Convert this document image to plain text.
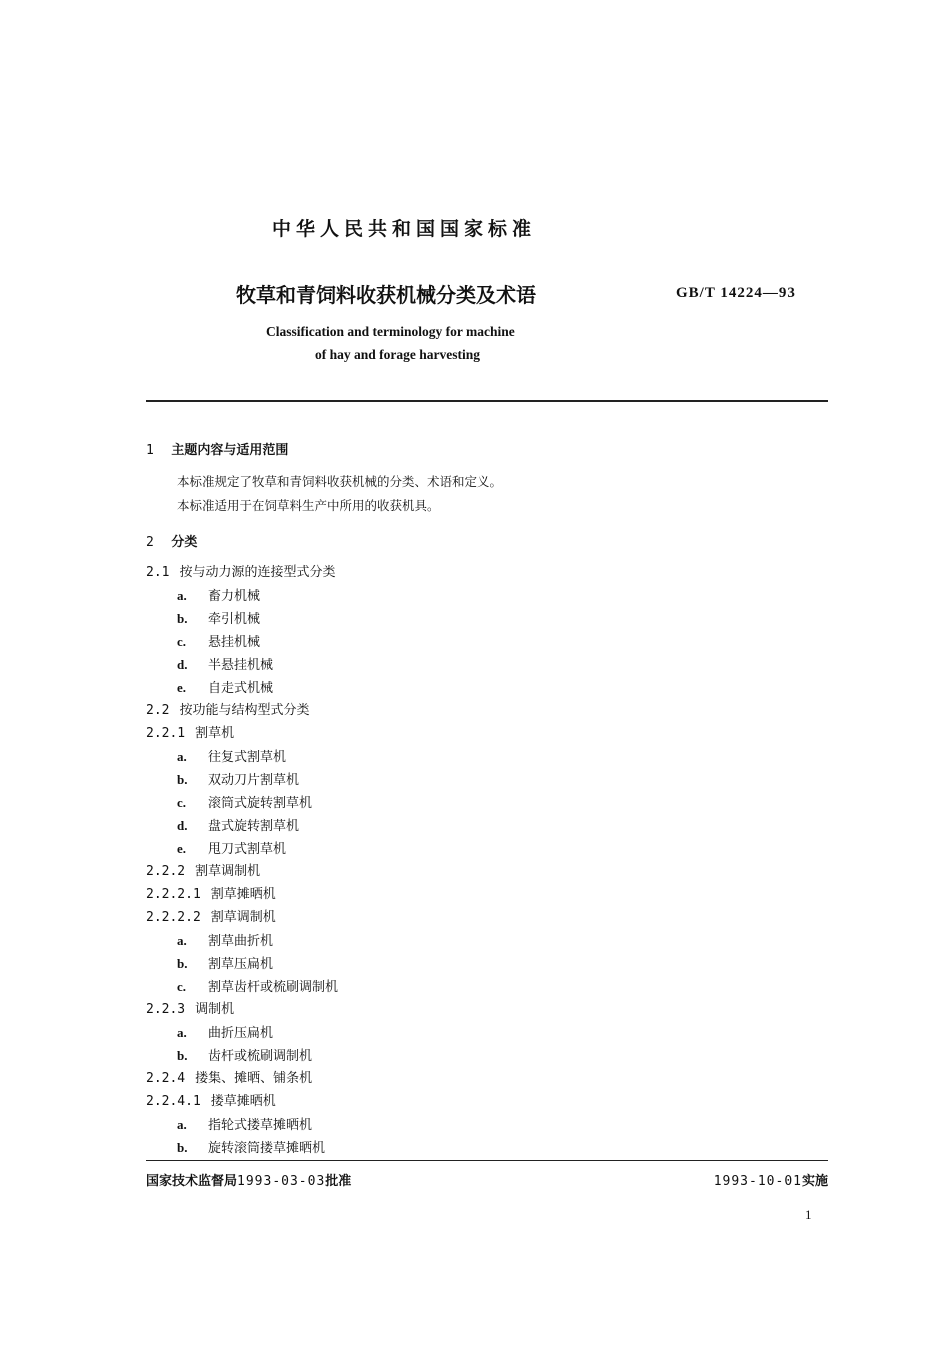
中华人民共和国国家标准
牧草和青饲料收获机械分类及术语	GB/T 14224—93
Classification and terminology for machine
of hay and forage harvesting
1 主题内容与适用范围
本标准规定了牧草和青饲料收获机械的分类、术语和定义。
本标准适用于在饲草料生产中所用的收获机具。
2 分类
2.1 按与动力源的连接型式分类
a. 畜力机械
b. 牵引机械
c. 悬挂机械
d. 半悬挂机械
e. 自走式机械
2.2 按功能与结构型式分类
2.2.1 割草机
a. 往复式割草机
b. 双动刀片割草机
c. 滚筒式旋转割草机
d. 盘式旋转割草机
e. 甩刀式割草机
2.2.2 割草调制机
2.2.2.1 割草摊晒机
2.2.2.2 割草调制机
a. 割草曲折机
b. 割草压扁机
c. 割草齿杆或梳刷调制机
2.2.3 调制机
a. 曲折压扁机
b. 齿杆或梳刷调制机
2.2.4 搂集、摊晒、铺条机
2.2.4.1 搂草摊晒机
a. 指轮式搂草摊晒机
b. 旋转滚筒搂草摊晒机
国家技术监督局1993-03-03批准	1993-10-01实施
1
